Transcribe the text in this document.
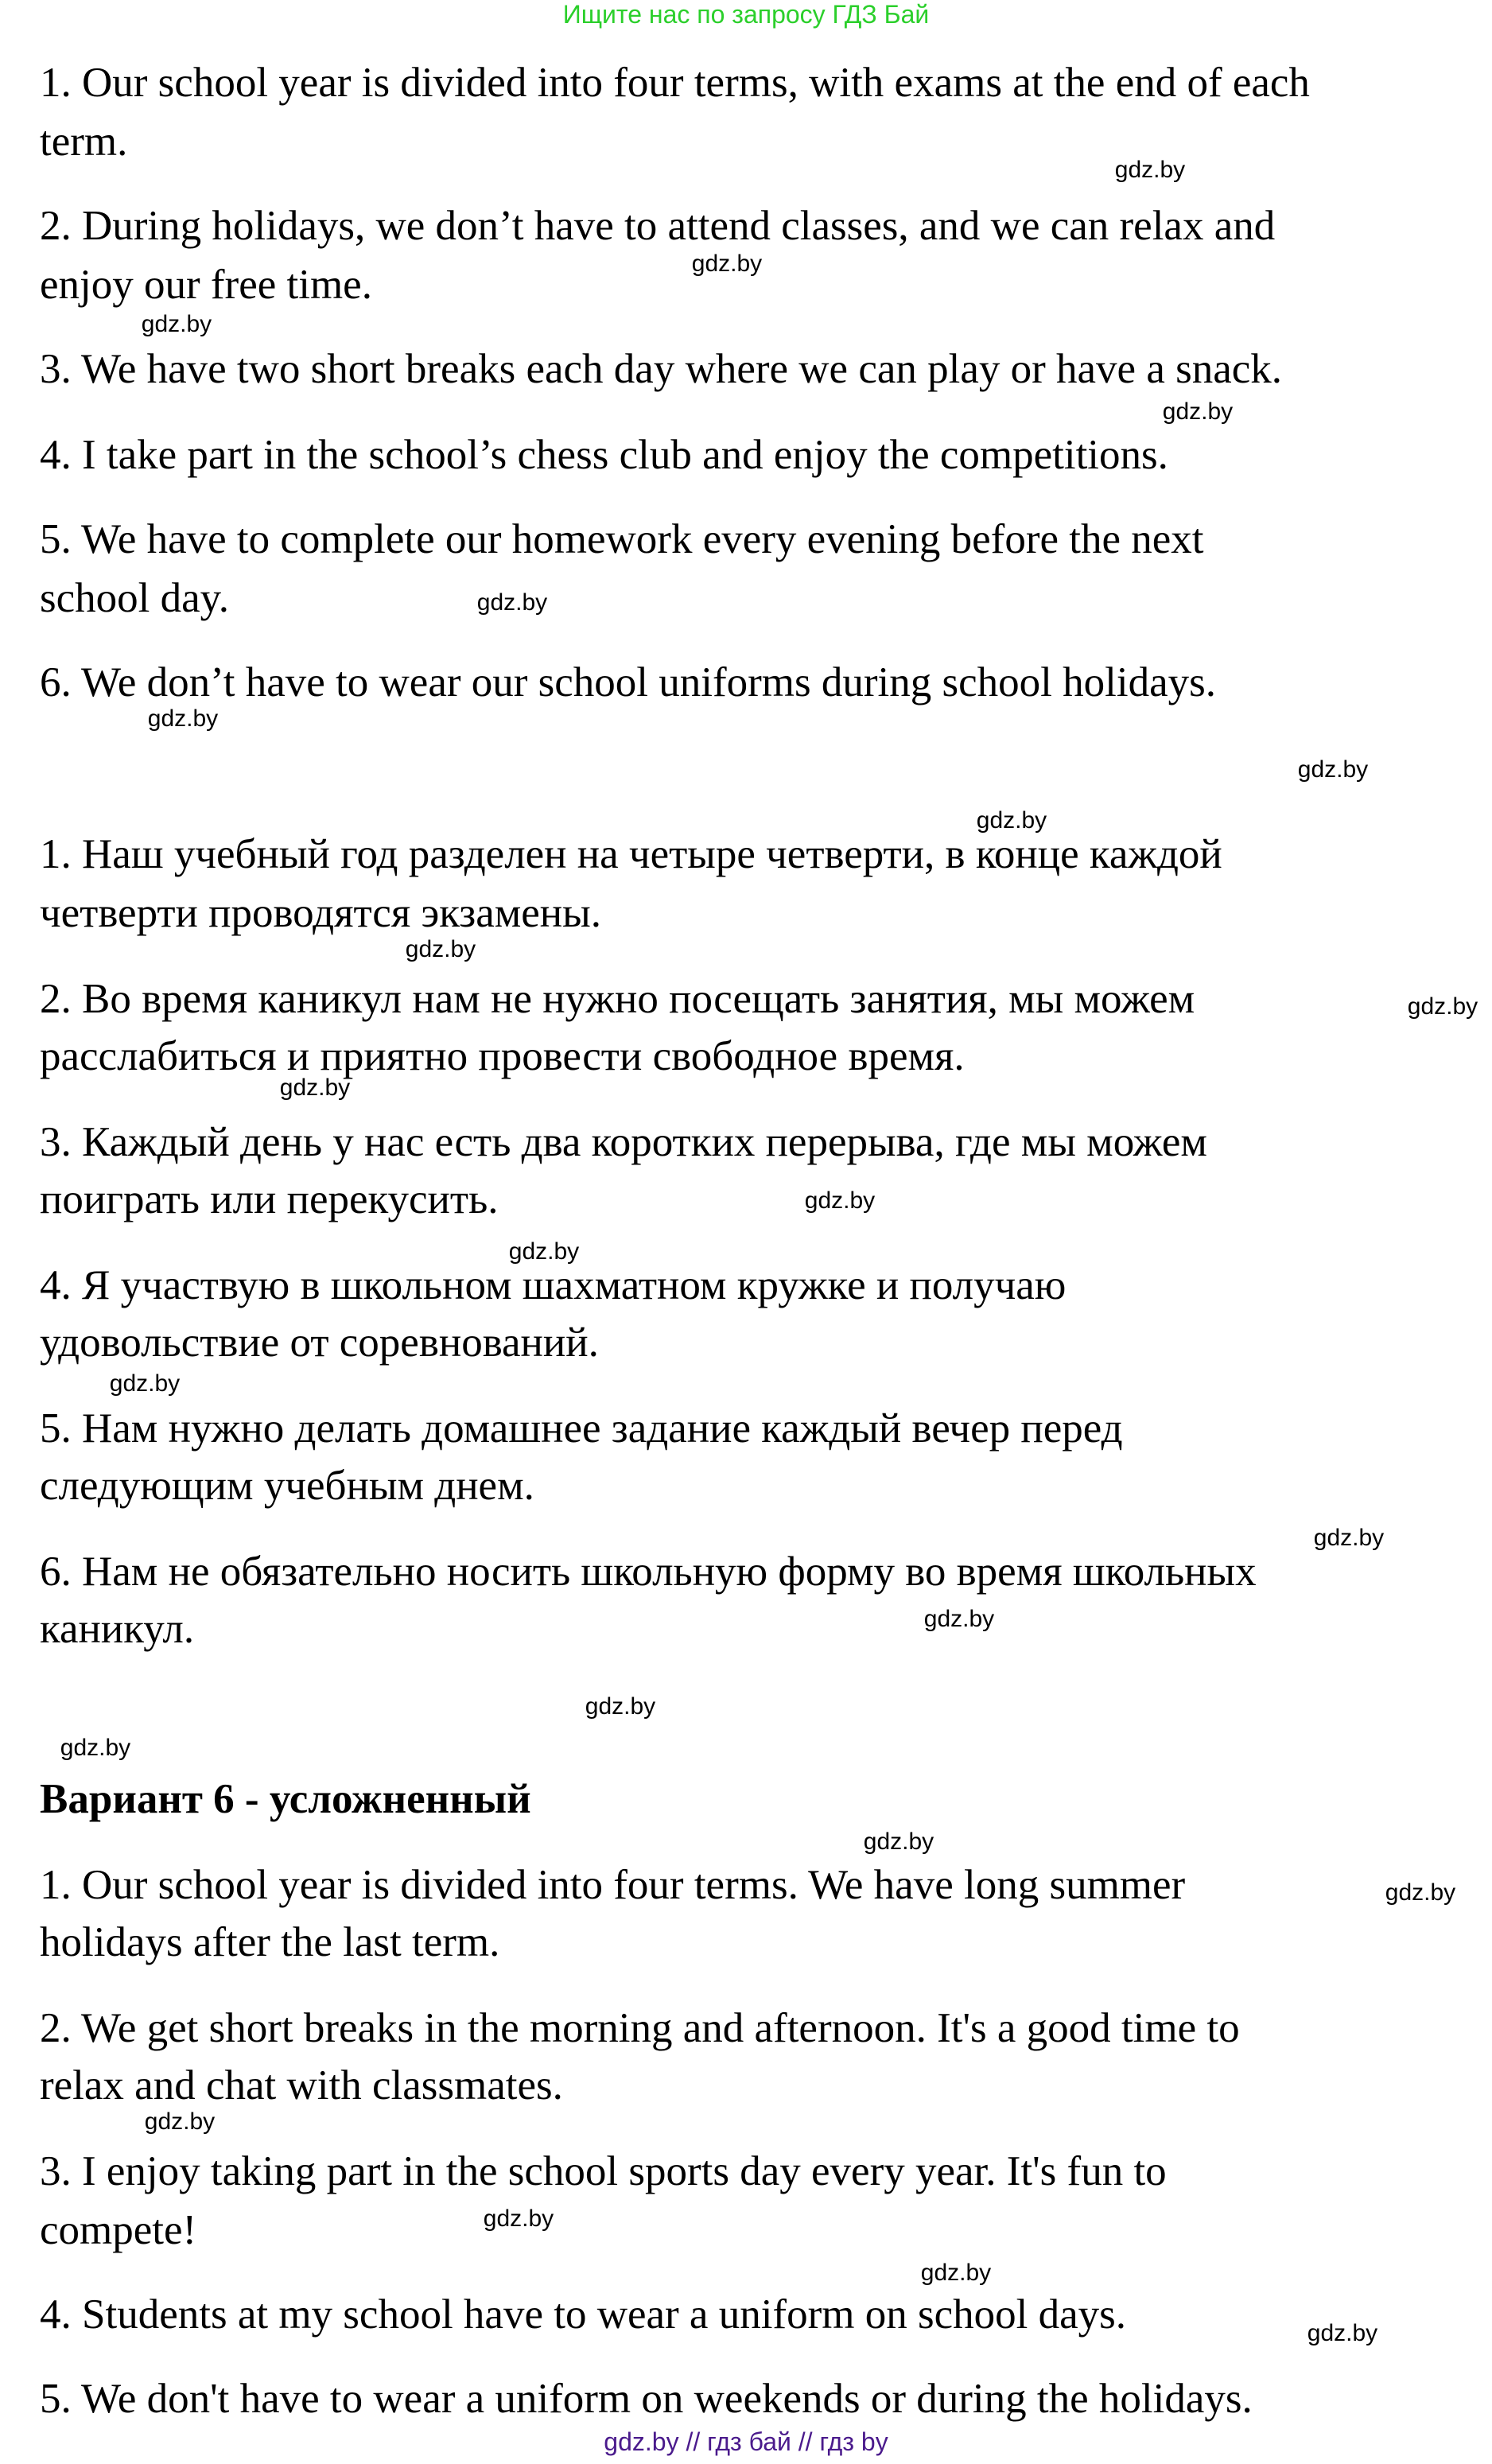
Ищите нас по запросу ГДЗ Бай
1. Our school year is divided into four terms, with exams at the end of each
term.
2. During holidays, we don’t have to attend classes, and we can relax and
enjoy our free time.
3. We have two short breaks each day where we can play or have a snack.
4. I take part in the school’s chess club and enjoy the competitions.
5. We have to complete our homework every evening before the next
school day.
6. We don’t have to wear our school uniforms during school holidays.
1. Наш учебный год разделен на четыре четверти, в конце каждой
четверти проводятся экзамены.
2. Во время каникул нам не нужно посещать занятия, мы можем
расслабиться и приятно провести свободное время.
3. Каждый день у нас есть два коротких перерыва, где мы можем
поиграть или перекусить.
4. Я участвую в школьном шахматном кружке и получаю
удовольствие от соревнований.
5. Нам нужно делать домашнее задание каждый вечер перед
следующим учебным днем.
6. Нам не обязательно носить школьную форму во время школьных
каникул.
1. Our school year is divided into four terms. We have long summer
holidays after the last term.
2. We get short breaks in the morning and afternoon. It's a good time to
relax and chat with classmates.
3. I enjoy taking part in the school sports day every year. It's fun to
compete!
4. Students at my school have to wear a uniform on school days.
5. We don't have to wear a uniform on weekends or during the holidays.
Вариант 6 - усложненный
gdz.by
gdz.by
gdz.by
gdz.by
gdz.by
gdz.by
gdz.by
gdz.by
gdz.by
gdz.by
gdz.by
gdz.by
gdz.by
gdz.by
gdz.by
gdz.by
gdz.by
gdz.by
gdz.by
gdz.by
gdz.by
gdz.by
gdz.by
gdz.by
gdz.by // гдз бай // гдз by
